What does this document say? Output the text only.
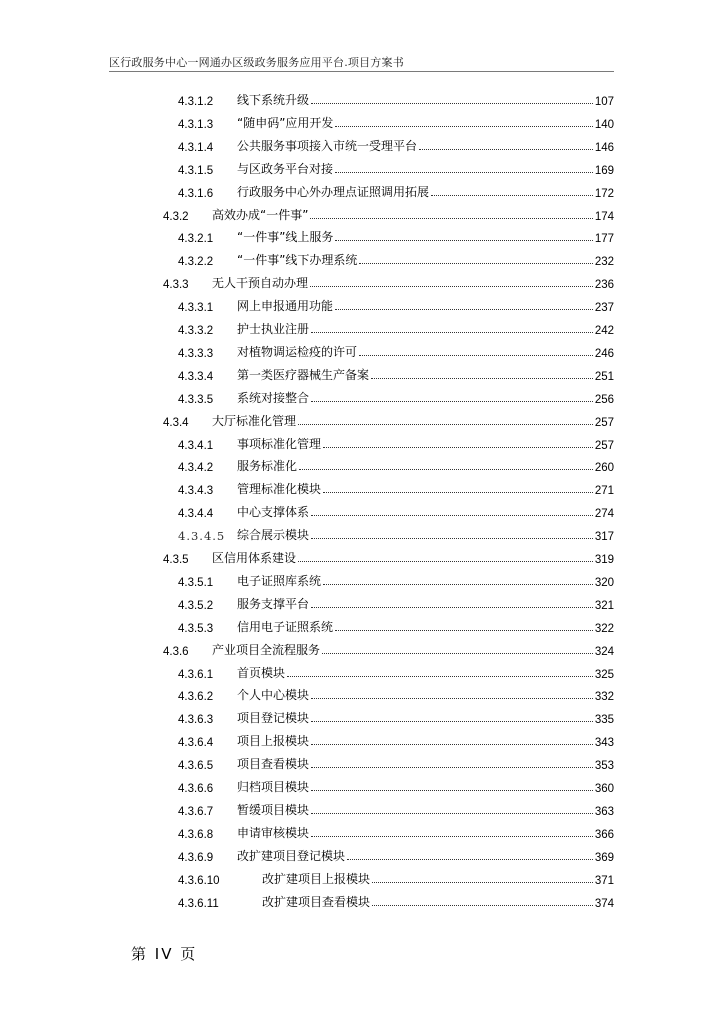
区行政服务中心一网通办区级政务服务应用平台.项目方案书
4.3.1.2	线下系统升级	107
4.3.1.3	“随申码”应用开发	140
4.3.1.4	公共服务事项接入市统一受理平台	146
4.3.1.5	与区政务平台对接	169
4.3.1.6	行政服务中心外办理点证照调用拓展	172
4.3.2	高效办成“一件事”	174
4.3.2.1	“一件事”线上服务	177
4.3.2.2	“一件事”线下办理系统	232
4.3.3	无人干预自动办理	236
4.3.3.1	网上申报通用功能	237
4.3.3.2	护士执业注册	242
4.3.3.3	对植物调运检疫的许可	246
4.3.3.4	第一类医疗器械生产备案	251
4.3.3.5	系统对接整合	256
4.3.4	大厅标准化管理	257
4.3.4.1	事项标准化管理	257
4.3.4.2	服务标准化	260
4.3.4.3	管理标准化模块	271
4.3.4.4	中心支撑体系	274
4.3.4.5 综合展示模块	317
4.3.5	区信用体系建设	319
4.3.5.1	电子证照库系统	320
4.3.5.2	服务支撑平台	321
4.3.5.3	信用电子证照系统	322
4.3.6	产业项目全流程服务	324
4.3.6.1	首页模块	325
4.3.6.2	个人中心模块	332
4.3.6.3	项目登记模块	335
4.3.6.4	项目上报模块	343
4.3.6.5	项目查看模块	353
4.3.6.6	归档项目模块	360
4.3.6.7	暂缓项目模块	363
4.3.6.8	申请审核模块	366
4.3.6.9	改扩建项目登记模块	369
4.3.6.10	改扩建项目上报模块	371
4.3.6.11	改扩建项目查看模块	374
第 IV 页
